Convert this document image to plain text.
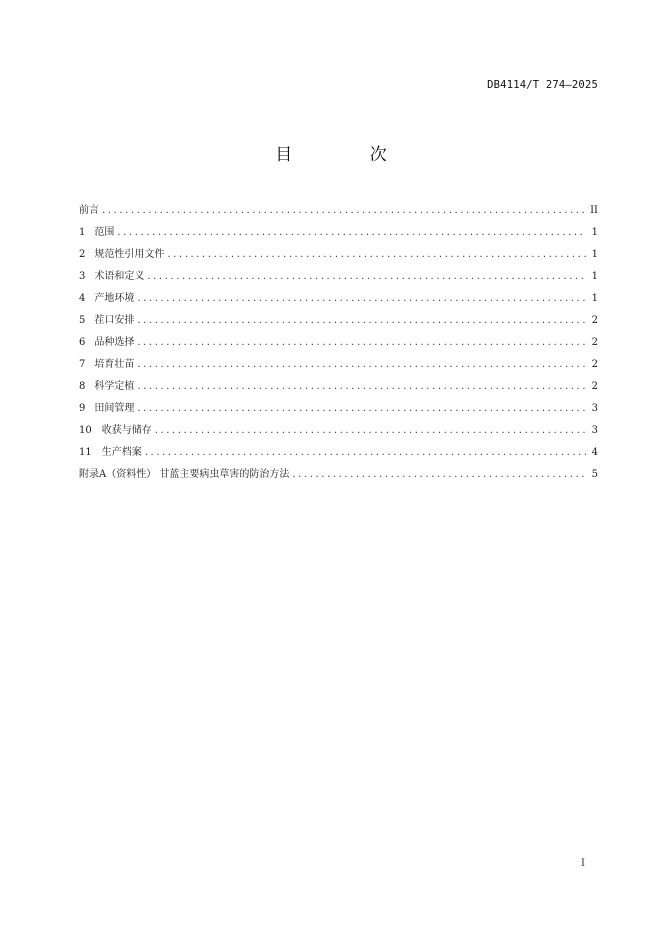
DB4114/T 274—2025
目 次
前言 .....	II
1 范围 .....	1
2 规范性引用文件 .....	1
3 术语和定义 .....	1
4 产地环境 .....	1
5 茬口安排 .....	2
6 品种选择 .....	2
7 培育壮苗 .....	2
8 科学定植 .....	2
9 田间管理 .....	3
10	收获与储存 .....	3
11	生产档案 .....	4
附录A（资料性） 甘蓝主要病虫草害的防治方法 .....	5
I
